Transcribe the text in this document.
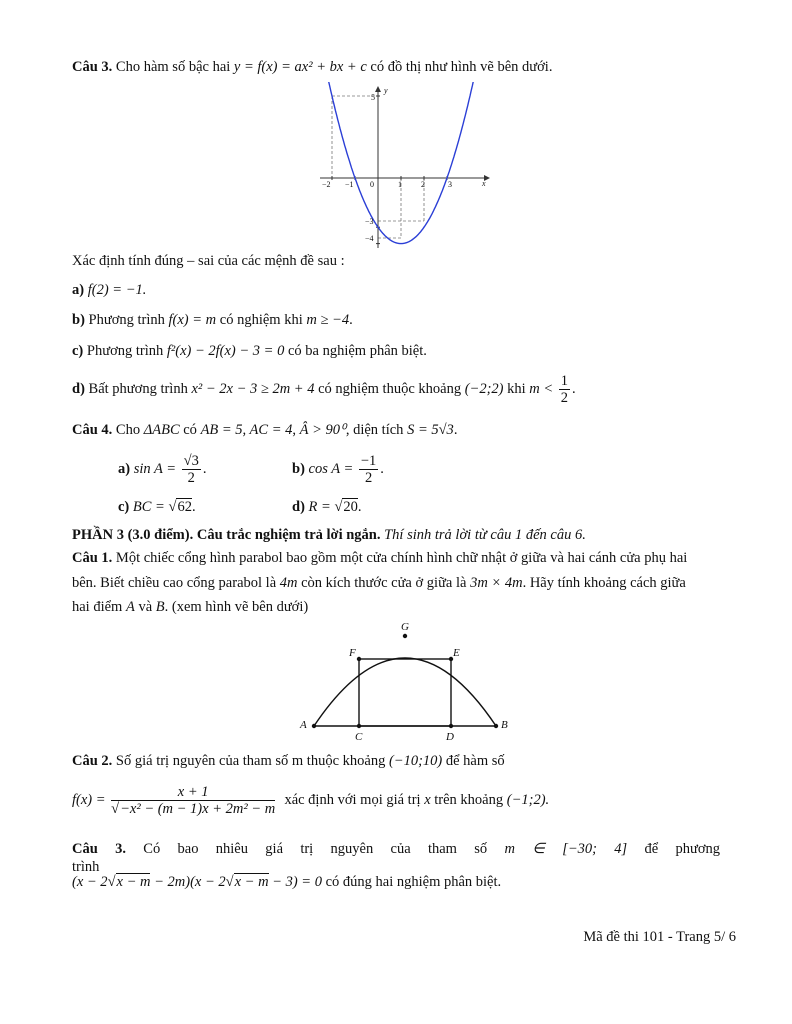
Câu 3. Cho hàm số bậc hai y = f(x) = ax² + bx + c có đồ thị như hình vẽ bên dưới.
x
y
0
−2 −1	1 2	3
5
−3
−4
Xác định tính đúng – sai của các mệnh đề sau :
a) f(2) = −1.
b) Phương trình f(x) = m có nghiệm khi m ≥ −4.
c) Phương trình f²(x) − 2f(x) − 3 = 0 có ba nghiệm phân biệt.
d) Bất phương trình x² − 2x − 3 ≥ 2m + 4 có nghiệm thuộc khoảng (−2;2) khi $m < \frac{1}{2}$ .
Câu 4. Cho ΔABC có AB = 5, AC = 4, Â > 90⁰, diện tích S = 5√3.
a) $\sin A = \frac{√3}{2}$ .	b) $\cos A = \frac{-1}{2}$ .
c) BC = √62.	d) R = √20.
PHẦN 3 (3.0 điểm). Câu trắc nghiệm trả lời ngắn. Thí sinh trả lời từ câu 1 đến câu 6.
Câu 1. Một chiếc cổng hình parabol bao gồm một cửa chính hình chữ nhật ở giữa và hai cánh cửa phụ hai
bên. Biết chiều cao cổng parabol là 4m còn kích thước cửa ở giữa là 3m × 4m. Hãy tính khoảng cách giữa
hai điểm A và B. (xem hình vẽ bên dưới)
A	B
C	D
E
F
G
Câu 2. Số giá trị nguyên của tham số m thuộc khoảng (−10;10) để hàm số
$f(x) = \frac{x + 1}{\text{√−x² − (m − 1)x + 2m² − m}}$ xác định với mọi giá trị x trên khoảng (−1;2).
Câu 3. Có bao nhiêu giá trị nguyên của tham số m ∈ [−30; 4] để phương trình
(x − 2√x − m − 2m)(x − 2√x − m − 3) = 0 có đúng hai nghiệm phân biệt.
Mã đề thi 101 - Trang 5/ 6
